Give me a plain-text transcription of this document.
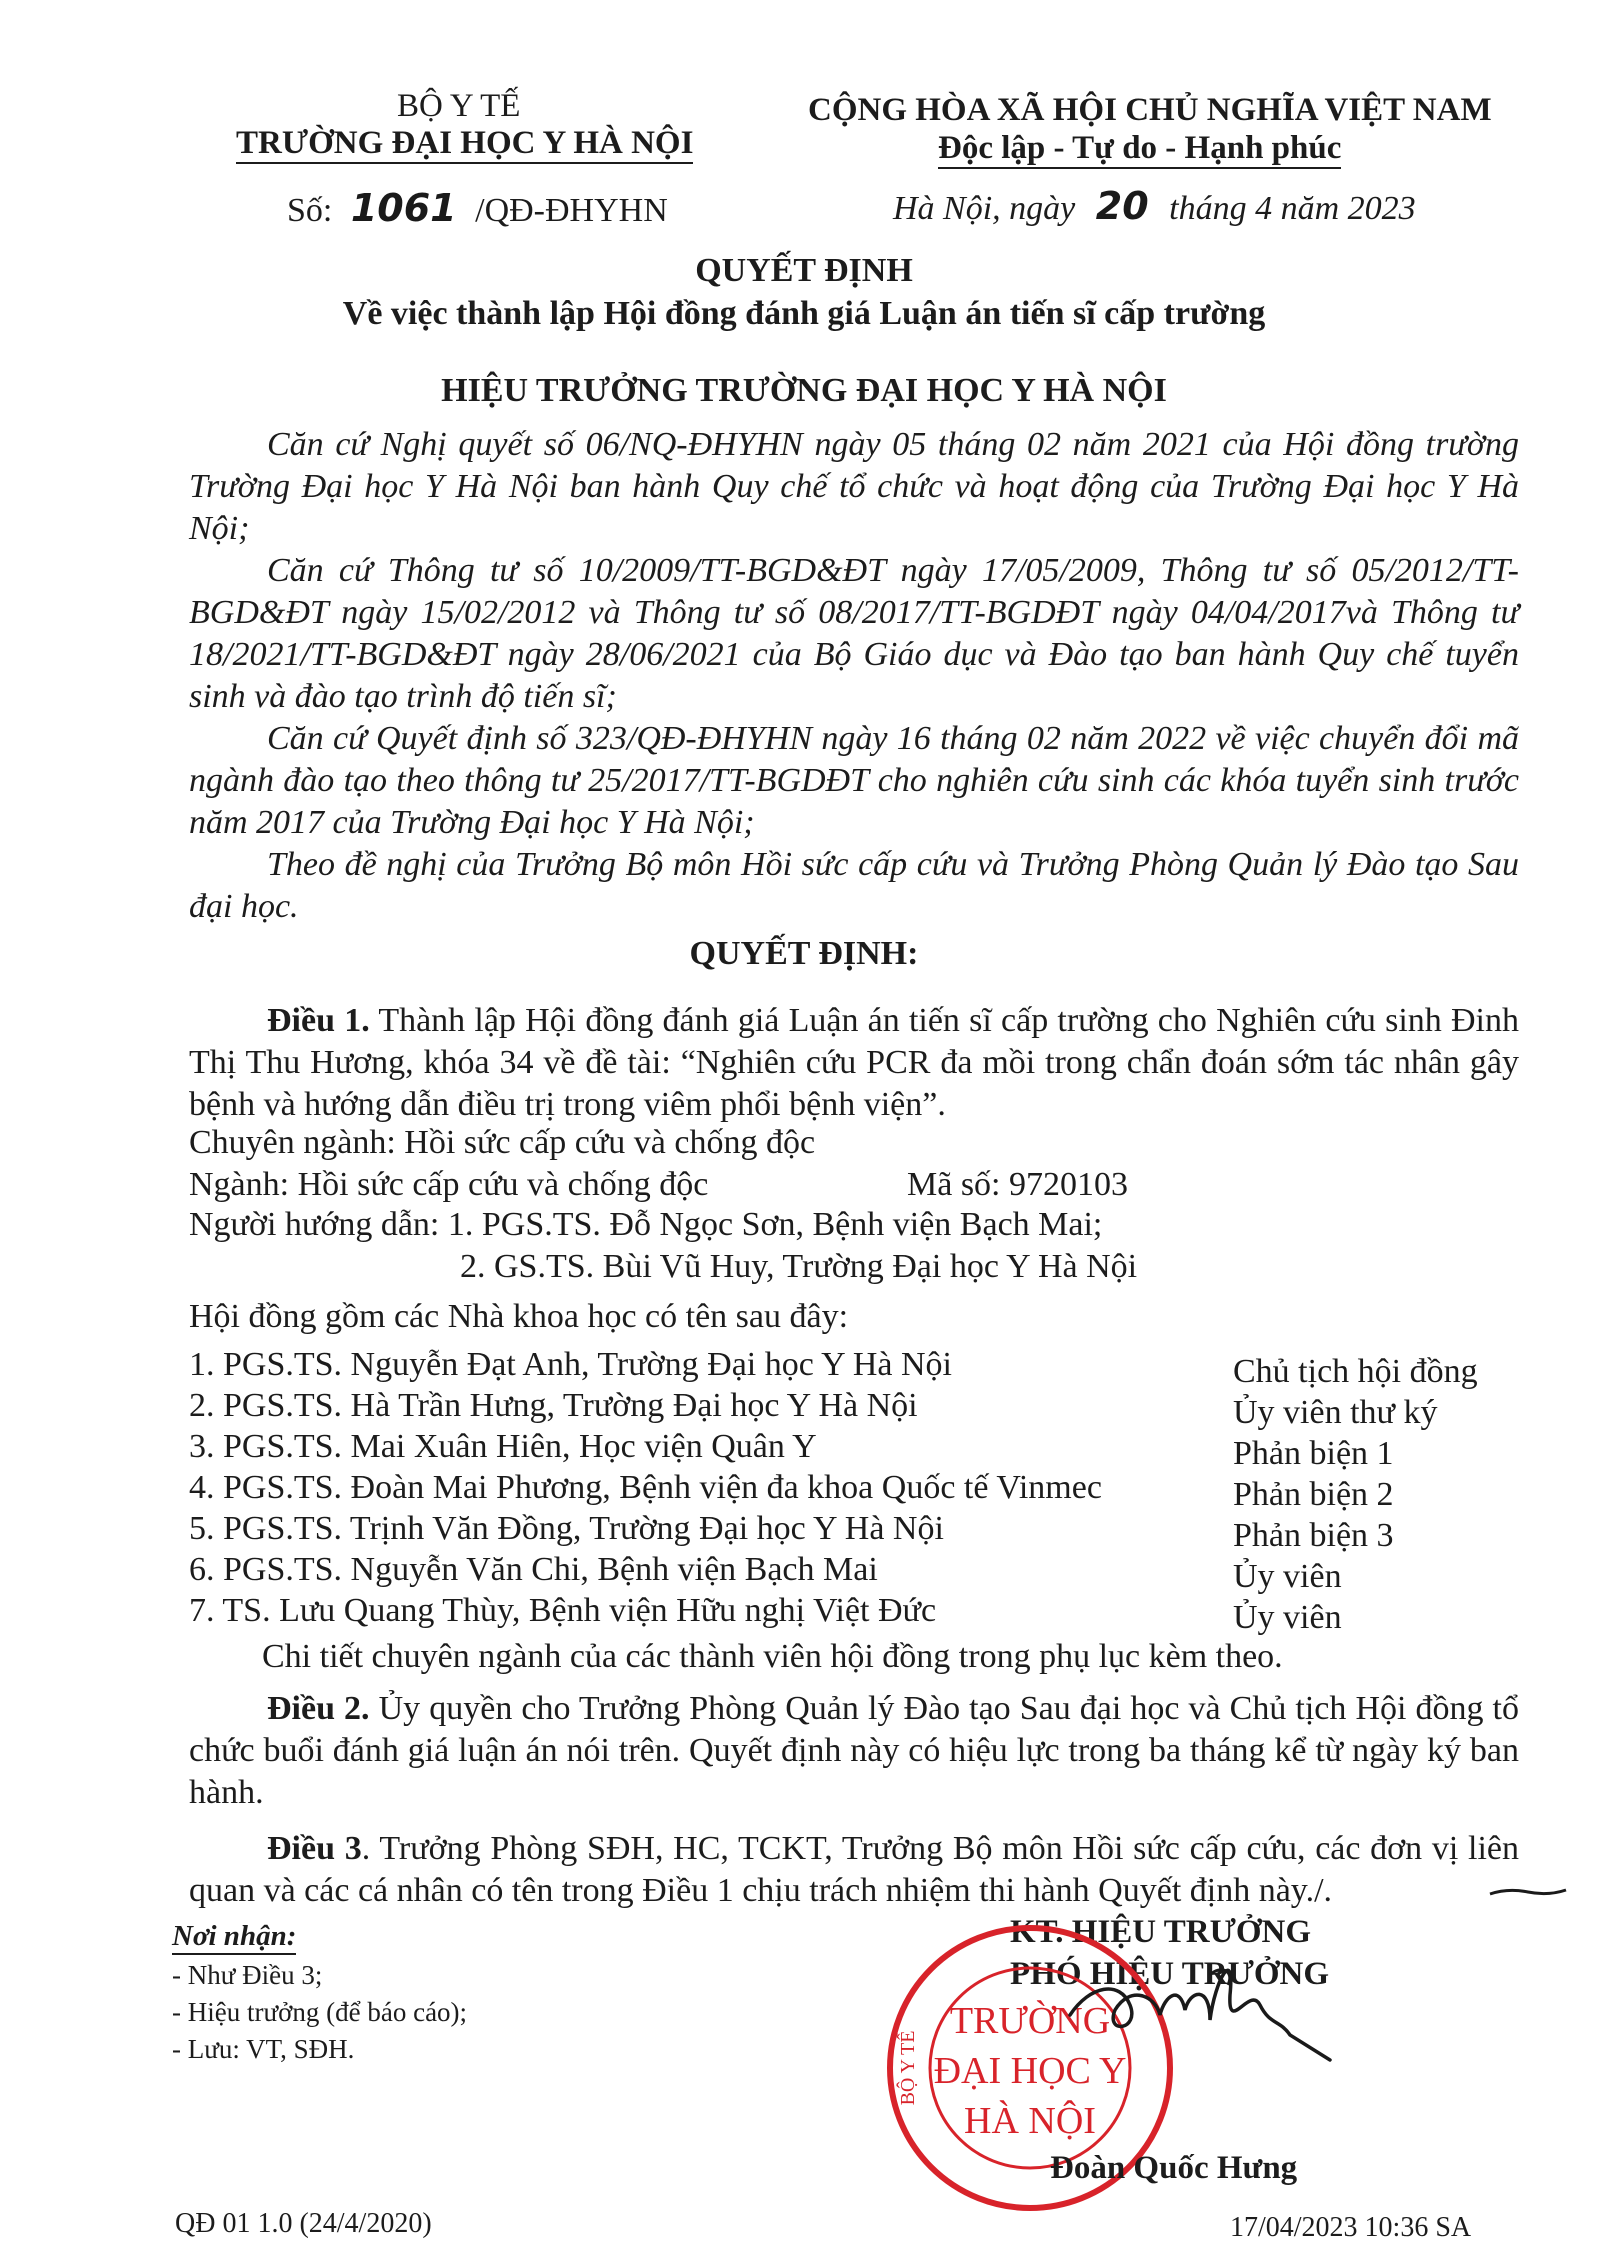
BỘ Y TẾ
TRƯỜNG ĐẠI HỌC Y HÀ NỘI
Số: 1061 /QĐ-ĐHYHN
CỘNG HÒA XÃ HỘI CHỦ NGHĨA VIỆT NAM
Độc lập - Tự do - Hạnh phúc
Hà Nội, ngày 20 tháng 4 năm 2023
QUYẾT ĐỊNH
Về việc thành lập Hội đồng đánh giá Luận án tiến sĩ cấp trường
HIỆU TRƯỞNG TRƯỜNG ĐẠI HỌC Y HÀ NỘI
Căn cứ Nghị quyết số 06/NQ-ĐHYHN ngày 05 tháng 02 năm 2021 của Hội đồng trường Trường Đại học Y Hà Nội ban hành Quy chế tổ chức và hoạt động của Trường Đại học Y Hà Nội;
Căn cứ Thông tư số 10/2009/TT-BGD&ĐT ngày 17/05/2009, Thông tư số 05/2012/TT-BGD&ĐT ngày 15/02/2012 và Thông tư số 08/2017/TT-BGDĐT ngày 04/04/2017và Thông tư 18/2021/TT-BGD&ĐT ngày 28/06/2021 của Bộ Giáo dục và Đào tạo ban hành Quy chế tuyển sinh và đào tạo trình độ tiến sĩ;
Căn cứ Quyết định số 323/QĐ-ĐHYHN ngày 16 tháng 02 năm 2022 về việc chuyển đổi mã ngành đào tạo theo thông tư 25/2017/TT-BGDĐT cho nghiên cứu sinh các khóa tuyển sinh trước năm 2017 của Trường Đại học Y Hà Nội;
Theo đề nghị của Trưởng Bộ môn Hồi sức cấp cứu và Trưởng Phòng Quản lý Đào tạo Sau đại học.
QUYẾT ĐỊNH:
Điều 1. Thành lập Hội đồng đánh giá Luận án tiến sĩ cấp trường cho Nghiên cứu sinh Đinh Thị Thu Hương, khóa 34 về đề tài: “Nghiên cứu PCR đa mồi trong chẩn đoán sớm tác nhân gây bệnh và hướng dẫn điều trị trong viêm phổi bệnh viện”.
Chuyên ngành: Hồi sức cấp cứu và chống độc
Ngành: Hồi sức cấp cứu và chống độc	Mã số: 9720103
Người hướng dẫn: 1. PGS.TS. Đỗ Ngọc Sơn, Bệnh viện Bạch Mai;
2. GS.TS. Bùi Vũ Huy, Trường Đại học Y Hà Nội
Hội đồng gồm các Nhà khoa học có tên sau đây:
1. PGS.TS. Nguyễn Đạt Anh, Trường Đại học Y Hà Nội	Chủ tịch hội đồng
2. PGS.TS. Hà Trần Hưng, Trường Đại học Y Hà Nội	Ủy viên thư ký
3. PGS.TS. Mai Xuân Hiên, Học viện Quân Y	Phản biện 1
4. PGS.TS. Đoàn Mai Phương, Bệnh viện đa khoa Quốc tế Vinmec	Phản biện 2
5. PGS.TS. Trịnh Văn Đồng, Trường Đại học Y Hà Nội	Phản biện 3
6. PGS.TS. Nguyễn Văn Chi, Bệnh viện Bạch Mai	Ủy viên
7. TS. Lưu Quang Thùy, Bệnh viện Hữu nghị Việt Đức	Ủy viên
Chi tiết chuyên ngành của các thành viên hội đồng trong phụ lục kèm theo.
Điều 2. Ủy quyền cho Trưởng Phòng Quản lý Đào tạo Sau đại học và Chủ tịch Hội đồng tổ chức buổi đánh giá luận án nói trên. Quyết định này có hiệu lực trong ba tháng kể từ ngày ký ban hành.
Điều 3. Trưởng Phòng SĐH, HC, TCKT, Trưởng Bộ môn Hồi sức cấp cứu, các đơn vị liên quan và các cá nhân có tên trong Điều 1 chịu trách nhiệm thi hành Quyết định này./.
Nơi nhận:
- Như Điều 3;
- Hiệu trưởng (để báo cáo);
- Lưu: VT, SĐH.
KT. HIỆU TRƯỞNG
PHÓ HIỆU TRƯỞNG
TRƯỜNG
ĐẠI HỌC Y
HÀ NỘI
BỘ Y TẾ
Đoàn Quốc Hưng
QĐ 01 1.0 (24/4/2020)	17/04/2023 10:36 SA
